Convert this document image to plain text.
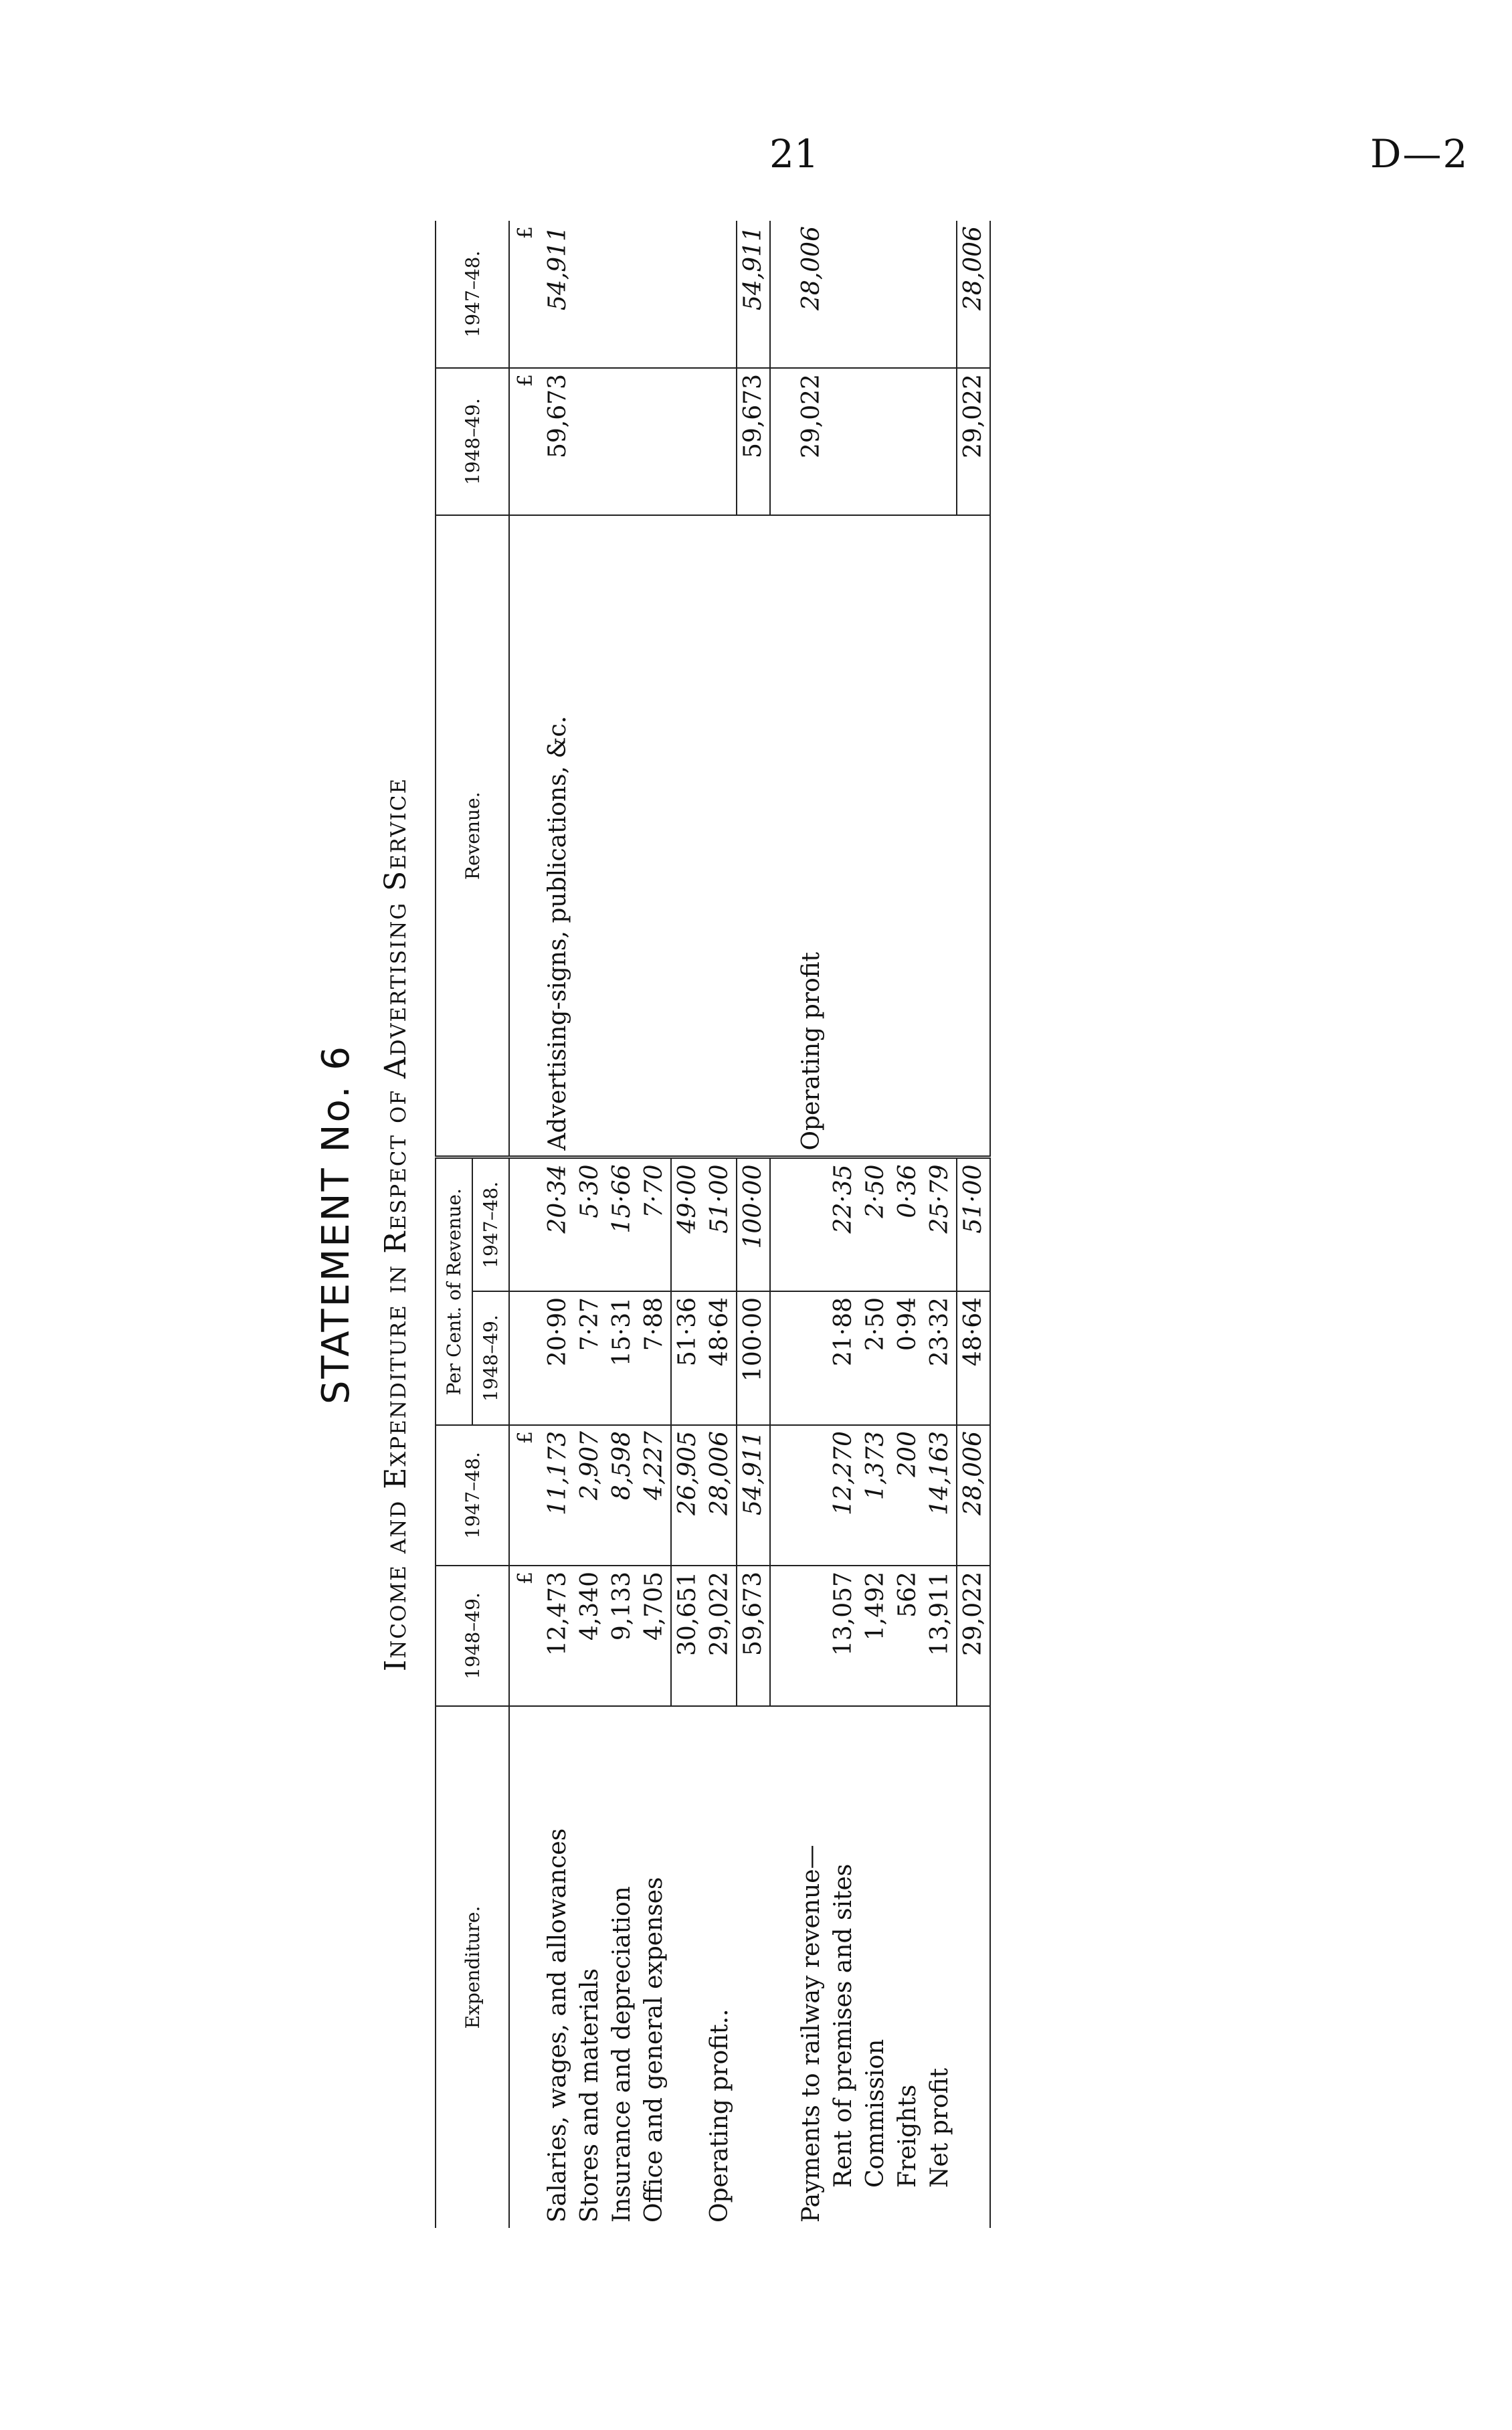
21	D—2
STATEMENT No. 6 Income and Expenditure in Respect of Advertising Service
Expenditure.	1948–49.	1947–48.	Per Cent. of Revenue.		Revenue.	1948–49.	1947–48.
			1948–49.	1947–48.			
	£	£				£	£
Salaries, wages, and allowances	12,473	11,173	20·90	20·34	Advertising-signs, publications, &c.	59,673	54,911
Stores and materials	4,340	2,907	7·27	5·30			
Insurance and depreciation	9,133	8,598	15·31	15·66			
Office and general expenses	4,705	4,227	7·88	7·70			
	30,651	26,905	51·36	49·00			
Operating profit..	29,022	28,006	48·64	51·00			
	59,673	54,911	100·00	100·00		59,673	54,911

Payments to railway revenue—					Operating profit	29,022	28,006
Rent of premises and sites	13,057	12,270	21·88	22·35			
Commission	1,492	1,373	2·50	2·50			
Freights	562	200	0·94	0·36			
Net profit	13,911	14,163	23·32	25·79			
	29,022	28,006	48·64	51·00		29,022	28,006
